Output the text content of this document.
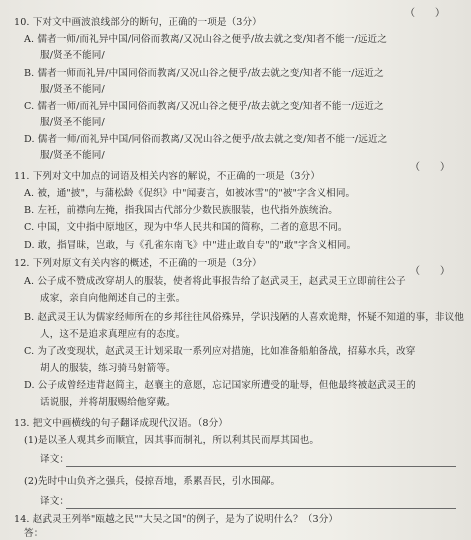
（　　）
10. 下对文中画波浪线部分的断句，正确的一项是（3分）
A. 儒者一师/而礼异中国/同俗而教离/又况山谷之便乎/故去就之变/知者不能一/远近之
服/贤圣不能同/
B. 儒者一师而礼异/中国同俗而教离/又况山谷之便乎/故去就之变/知者不能一/远近之
服/贤圣不能同/
C. 儒者一师/而礼异中国同俗而教离/又况山谷之便乎/故去就之变/知者不能一/远近之
服/贤圣不能同/
D. 儒者一师/而礼异中国/同俗而教离/又况山谷之便乎/故去就之变/知者不能一/远近之
服/贤圣不能同/
11. 下列对文中加点的词语及相关内容的解说，不正确的一项是（3分）
（　　）
A. 被，通"披"，与蒲松龄《促织》中"闻妻言，如被冰雪"的"被"字含义相同。
B. 左衽，前襟向左掩，指我国古代部分少数民族服装，也代指外族统治。
C. 中国，文中指中原地区，现为中华人民共和国的简称，二者的意思不同。
D. 敢，指冒昧，岂敢，与《孔雀东南飞》中"进止敢自专"的"敢"字含义相同。
12. 下列对原文有关内容的概述，不正确的一项是（3分）
（　　）
A. 公子成不赞成改穿胡人的服装，使者将此事报告给了赵武灵王，赵武灵王立即前往公子
成家，亲自向他阐述自己的主张。
B. 赵武灵王认为儒家经师所在的乡邦往往风俗殊异，学识浅陋的人喜欢诡辩，怀疑不知道的事，非议他
人，这不是追求真理应有的态度。
C. 为了改变现状，赵武灵王计划采取一系列应对措施，比如准备船舶备战，招募水兵，改穿
胡人的服装，练习骑马射箭等。
D. 公子成曾经违背赵简主，赵襄主的意愿，忘记国家所遭受的耻辱，但他最终被赵武灵王的
话说服，并将胡服赐给他穿戴。
13. 把文中画横线的句子翻译成现代汉语。（8分）
(1)是以圣人观其乡而顺宜，因其事而制礼，所以利其民而厚其国也。
译文：
(2)先时中山负齐之强兵，侵掠吾地，系累吾民，引水围鄗。
译文：
14. 赵武灵王列举"瓯越之民""大吴之国"的例子，是为了说明什么？（3分）
答：
